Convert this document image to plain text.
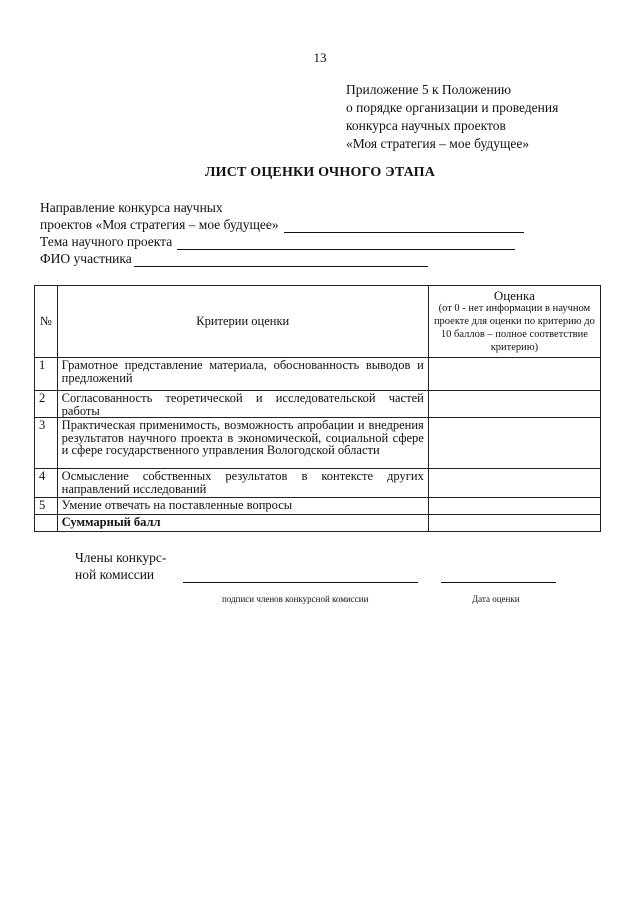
13
Приложение 5 к Положению
о порядке организации и проведения
конкурса научных проектов
«Моя стратегия – мое будущее»
ЛИСТ ОЦЕНКИ ОЧНОГО ЭТАПА
Направление конкурса научных
проектов «Моя стратегия – мое будущее»
Тема научного проекта
ФИО участника
№	Критерии оценки	Оценка
(от 0 - нет информации в научном проекте для оценки по критерию до 10 баллов – полное соответствие критерию)

1	Грамотное представление материала, обоснованность выводов и предложений	
2	Согласованность теоретической и исследовательской частей работы	
3	Практическая применимость, возможность апробации и внедрения результатов научного проекта в экономической, социальной сфере и сфере государственного управления Вологодской области	
4	Осмысление собственных результатов в контексте других направлений исследований	
5	Умение отвечать на поставленные вопросы	
	Суммарный балл	
Члены конкурс-
ной комиссии
подписи членов конкурсной комиссии	Дата оценки
